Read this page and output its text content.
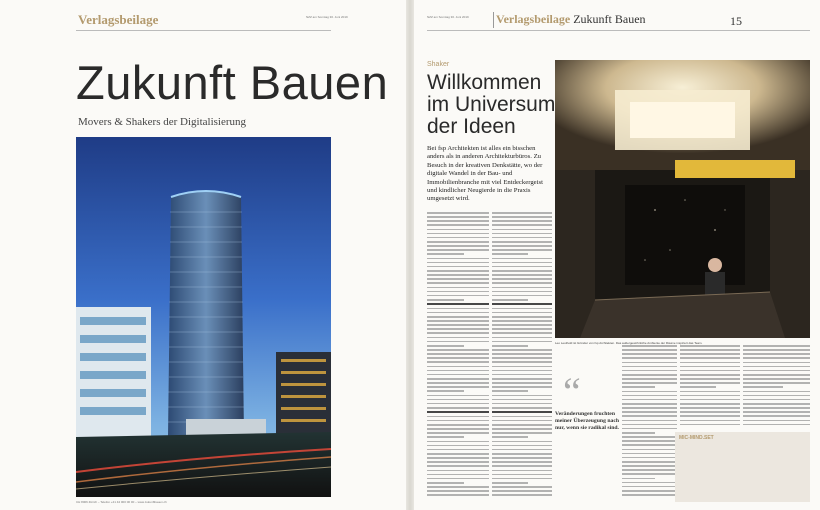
Verlagsbeilage	NZZ am Sonntag 30. Juni 2019
Zukunft Bauen
Movers & Shakers der Digitalisierung
CH 8006 Zürich – Telefon +41 44 000 00 00 – www.zukunftbauen.ch
NZZ am Sonntag 30. Juni 2019 Verlagsbeilage Zukunft Bauen	15
Shaker
Willkommen
im Universum
der Ideen
Bei fsp Architekten ist alles ein bisschen anders als in anderen Architekturbüros. Zu Besuch in der kreativen Denkstätte, wo der digitale Wandel in der Bau- und Immobilienbranche mit viel Entdeckergeist und kindlicher Neugierde in die Praxis umgesetzt wird.
Leo Leuthold ist Gründer von fsp Architekten. Das außergewöhnliche Ambiente der Räume inspiriert das Team.
“
Veränderungen fruchten meiner Überzeugung nach nur, wenn sie radikal sind.
MIC-MIND.SET
